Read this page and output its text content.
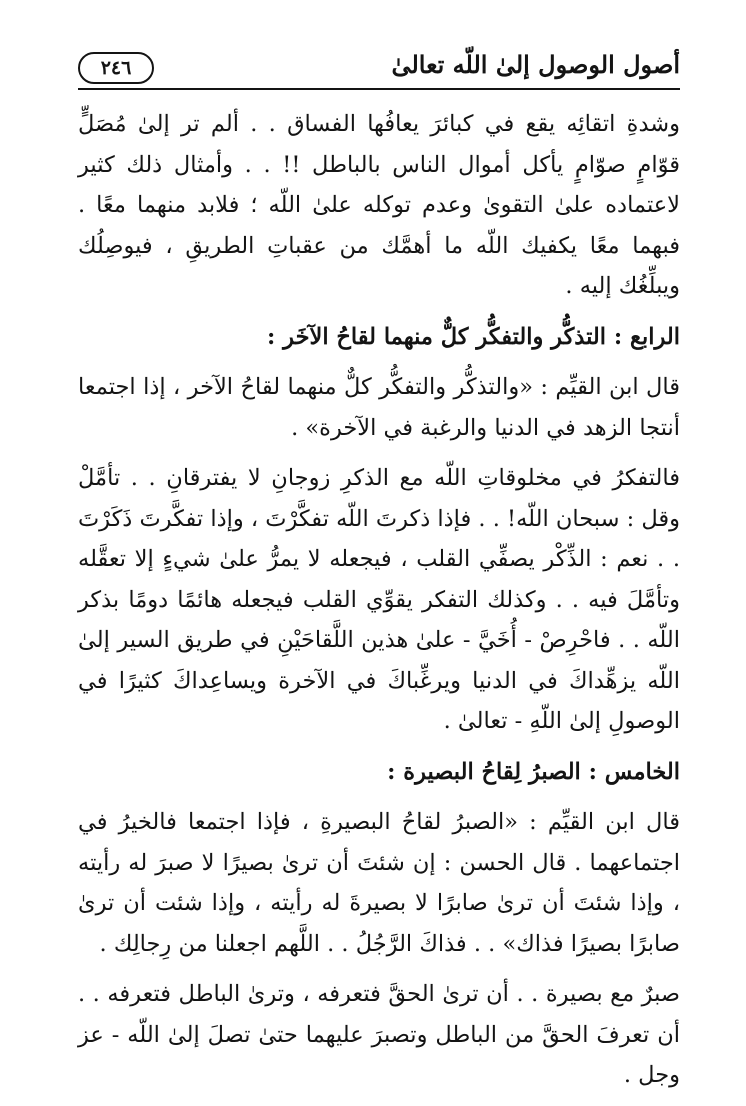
أصول الوصول إلىٰ اللّه تعالىٰ
٢٤٦

وشدةِ اتقائِه يقع في كبائرَ يعافُها الفساق . . ألم تر إلىٰ مُصَلٍّ قوّامٍ صوّامٍ يأكل أموال الناس بالباطل !! . . وأمثال ذلك كثير لاعتماده علىٰ التقوىٰ وعدم توكله علىٰ اللّه ؛ فلابد منهما معًا . فبهما معًا يكفيك اللّه ما أهمَّك من عقباتِ الطريقِ ، فيوصِلُك ويبلِّغُك إليه .

الرابع : التذكُّر والتفكُّر كلٌّ منهما لقاحُ الآخَر :

قال ابن القيِّم : «والتذكُّر والتفكُّر كلٌّ منهما لقاحُ الآخر ، إذا اجتمعا أنتجا الزهد في الدنيا والرغبة في الآخرة» .

فالتفكرُ في مخلوقاتِ اللّه مع الذكرِ زوجانِ لا يفترقانِ . . تأمَّلْ وقل : سبحان اللّه! . . فإذا ذكرتَ اللّه تفكَّرْتَ ، وإذا تفكَّرتَ ذَكَرْتَ . . نعم : الذِّكْر يصفِّي القلب ، فيجعله لا يمرُّ علىٰ شيءٍ إلا تعقَّله وتأمَّلَ فيه . . وكذلك التفكر يقوِّي القلب فيجعله هائمًا دومًا بذكر اللّه . . فاحْرِصْ - أُخَيَّ - علىٰ هذين اللَّقاحَيْنِ في طريق السير إلىٰ اللّه يزهِّداكَ في الدنيا ويرغِّباكَ في الآخرة ويساعِداكَ كثيرًا في الوصولِ إلىٰ اللّهِ - تعالىٰ .

الخامس : الصبرُ لِقاحُ البصيرة :

قال ابن القيِّم : «الصبرُ لقاحُ البصيرةِ ، فإذا اجتمعا فالخيرُ في اجتماعهما . قال الحسن : إن شئتَ أن ترىٰ بصيرًا لا صبرَ له رأيته ، وإذا شئتَ أن ترىٰ صابرًا لا بصيرةَ له رأيته ، وإذا شئت أن ترىٰ صابرًا بصيرًا فذاك» . . فذاكَ الرَّجُلُ . . اللَّهم اجعلنا من رِجالِك .

صبرٌ مع بصيرة . . أن ترىٰ الحقَّ فتعرفه ، وترىٰ الباطل فتعرفه . . أن تعرفَ الحقَّ من الباطل وتصبرَ عليهما حتىٰ تصلَ إلىٰ اللّه - عز وجل .
